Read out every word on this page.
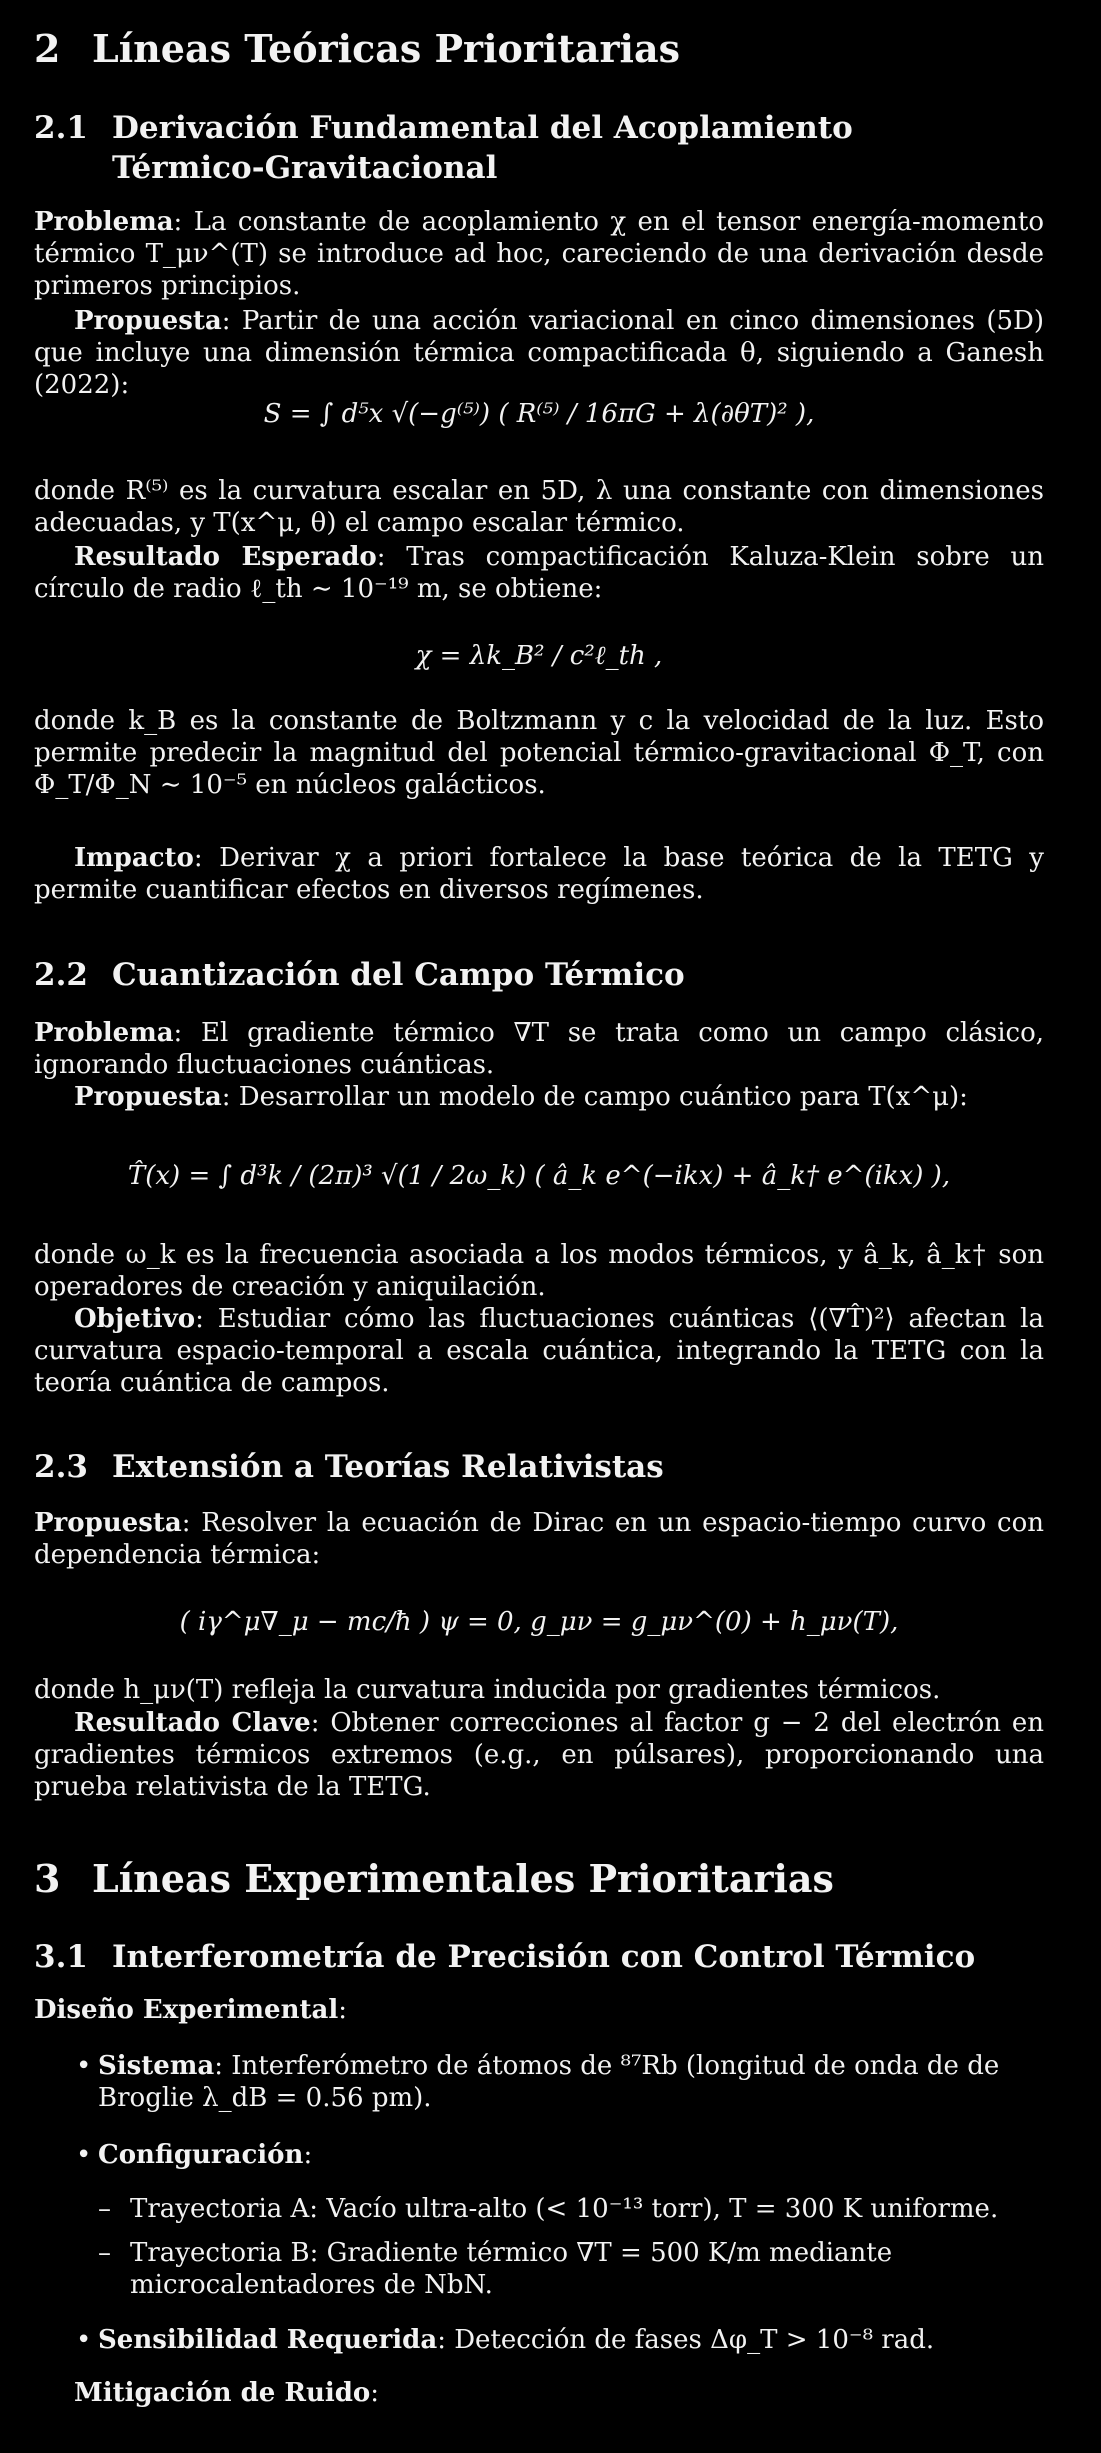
2 Líneas Teóricas Prioritarias
2.1 Derivación Fundamental del Acoplamiento Térmico-Gravitacional

Problema: La constante de acoplamiento χ en el tensor energía-momento térmico T_μν^(T) se introduce ad hoc, careciendo de una derivación desde primeros principios.

Propuesta: Partir de una acción variacional en cinco dimensiones (5D) que incluye una dimensión térmica compactificada θ, siguiendo a Ganesh (2022):

S = ∫ d⁵x √(−g⁽⁵⁾) ( R⁽⁵⁾ / 16πG + λ(∂θT)² ),

donde R⁽⁵⁾ es la curvatura escalar en 5D, λ una constante con dimensiones adecuadas, y T(x^μ, θ) el campo escalar térmico.

Resultado Esperado: Tras compactificación Kaluza-Klein sobre un círculo de radio ℓ_th ∼ 10⁻¹⁹ m, se obtiene:

χ = λk_B² / c²ℓ_th ,

donde k_B es la constante de Boltzmann y c la velocidad de la luz. Esto permite predecir la magnitud del potencial térmico-gravitacional Φ_T, con Φ_T/Φ_N ∼ 10⁻⁵ en núcleos galácticos.

Impacto: Derivar χ a priori fortalece la base teórica de la TETG y permite cuantificar efectos en diversos regímenes.

2.2 Cuantización del Campo Térmico

Problema: El gradiente térmico ∇T se trata como un campo clásico, ignorando fluctuaciones cuánticas.

Propuesta: Desarrollar un modelo de campo cuántico para T(x^μ):

T̂(x) = ∫ d³k / (2π)³ √(1 / 2ω_k) ( â_k e^(−ikx) + â_k† e^(ikx) ),

donde ω_k es la frecuencia asociada a los modos térmicos, y â_k, â_k† son operadores de creación y aniquilación.

Objetivo: Estudiar cómo las fluctuaciones cuánticas ⟨(∇T̂)²⟩ afectan la curvatura espacio-temporal a escala cuántica, integrando la TETG con la teoría cuántica de campos.

2.3 Extensión a Teorías Relativistas

Propuesta: Resolver la ecuación de Dirac en un espacio-tiempo curvo con dependencia térmica:

( iγ^μ∇_μ − mc/ħ ) ψ = 0, g_μν = g_μν^(0) + h_μν(T),

donde h_μν(T) refleja la curvatura inducida por gradientes térmicos.

Resultado Clave: Obtener correcciones al factor g − 2 del electrón en gradientes térmicos extremos (e.g., en púlsares), proporcionando una prueba relativista de la TETG.

3 Líneas Experimentales Prioritarias
3.1 Interferometría de Precisión con Control Térmico

Diseño Experimental:

• Sistema: Interferómetro de átomos de ⁸⁷Rb (longitud de onda de de Broglie λ_dB = 0.56 pm).
• Configuración:
– Trayectoria A: Vacío ultra-alto (< 10⁻¹³ torr), T = 300 K uniforme.
– Trayectoria B: Gradiente térmico ∇T = 500 K/m mediante microcalentadores de NbN.
• Sensibilidad Requerida: Detección de fases Δφ_T > 10⁻⁸ rad.

Mitigación de Ruido:
